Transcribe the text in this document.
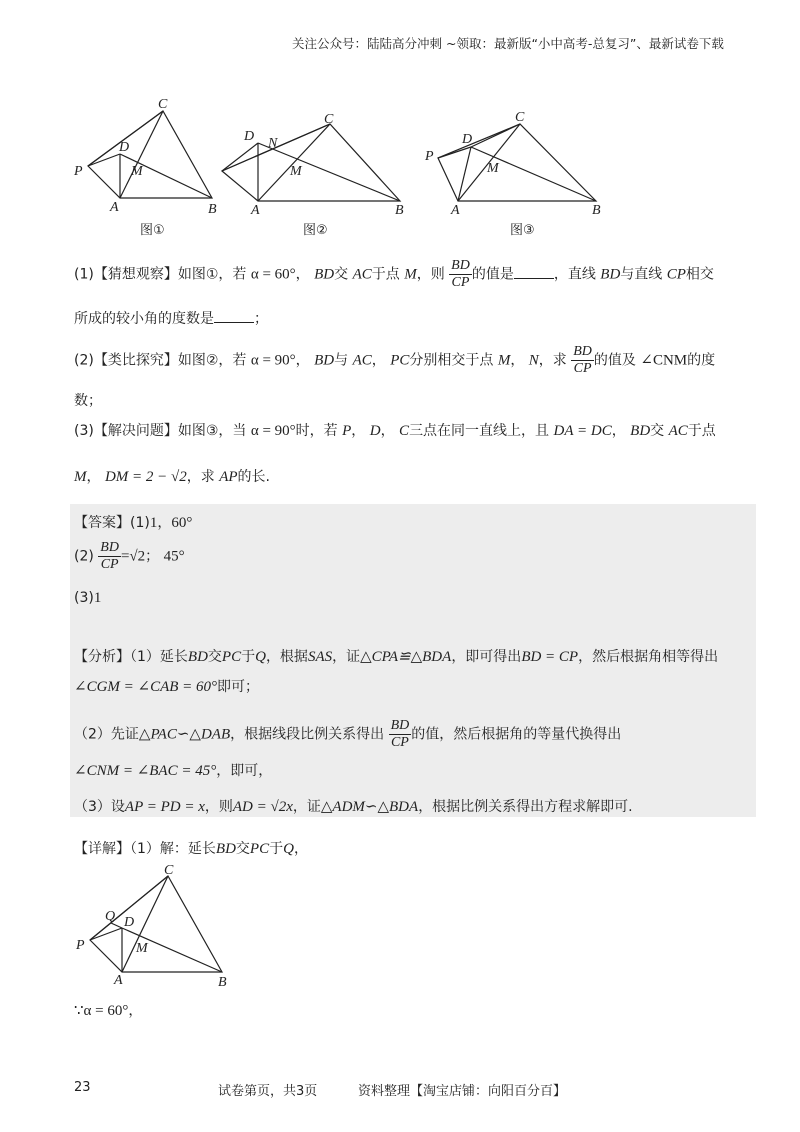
关注公众号：陆陆高分冲刺 ~领取：最新版“小中高考-总复习”、最新试卷下载
C
D
M
P
A	B
图①
D N
C
M
A	B
图②
D
C
P
M
A	B
图③
(1)【猜想观察】如图①，若 α = 60°， BD交 AC于点 M，则 $\frac{BD}{CP}$ 的值是	，直线 BD与直线 CP相交
所成的较小角的度数是	；
(2)【类比探究】如图②，若 α = 90°， BD与 AC， PC分别相交于点 M， N，求 $\frac{BD}{CP}$ 的值及 ∠CNM的度
数；
(3)【解决问题】如图③，当 α = 90°时，若 P， D， C三点在同一直线上，且 DA = DC， BD交 AC于点
M， DM = 2 − √2，求 AP的长.
【答案】(1)1，60°
$(2) \frac{BD}{CP} =√2$； 45°
(3)1
【分析】（1）延长BD交PC于Q，根据SAS，证△CPA≌△BDA，即可得出BD = CP，然后根据角相等得出
∠CGM = ∠CAB = 60°即可；
（2）先证△PAC∽△DAB，根据线段比例关系得出 $\frac{BD}{CP}$ 的值，然后根据角的等量代换得出
∠CNM = ∠BAC = 45°，即可，
（3）设AP = PD = x，则AD = √2x，证△ADM∽△BDA，根据比例关系得出方程求解即可.
【详解】（1）解：延长BD交PC于Q，
C
Q D
M
P
A	B
∵α = 60°，
23	试卷第页，共3页	资料整理【淘宝店铺：向阳百分百】
